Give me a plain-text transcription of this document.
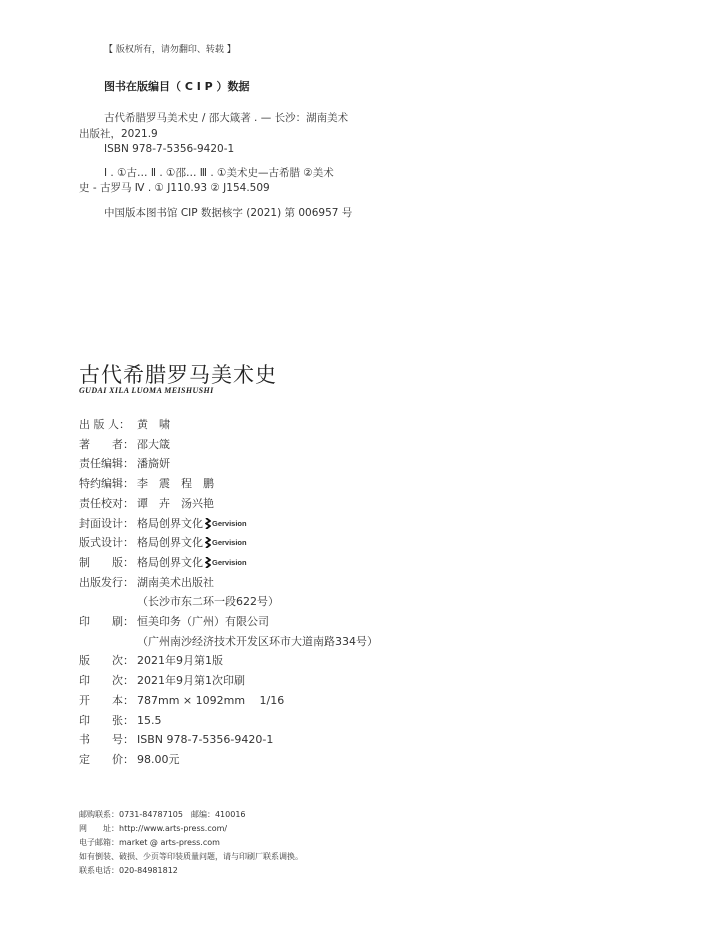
【 版权所有，请勿翻印、转载 】
图书在版编目（ C I P ）数据
古代希腊罗马美术史 / 邵大箴著 . — 长沙：湖南美术
出版社，2021.9
ISBN 978-7-5356-9420-1
Ⅰ . ①古… Ⅱ . ①邵… Ⅲ . ①美术史—古希腊 ②美术
史 - 古罗马 Ⅳ . ① J110.93 ② J154.509
中国版本图书馆 CIP 数据核字 (2021) 第 006957 号
古代希腊罗马美术史
GUDAI XILA LUOMA MEISHUSHI
出 版 人： 黄　啸
著　　者： 邵大箴
责任编辑： 潘旖妍
特约编辑： 李　震　程　鹏
责任校对： 谭　卉　汤兴艳
封面设计： 格局创界文化 Gervision
版式设计： 格局创界文化 Gervision
制　　版： 格局创界文化 Gervision
出版发行： 湖南美术出版社
（长沙市东二环一段622号）
印　　刷： 恒美印务（广州）有限公司
（广州南沙经济技术开发区环市大道南路334号）
版　　次： 2021年9月第1版
印　　次： 2021年9月第1次印刷
开　　本： 787mm × 1092mm　 1/16
印　　张： 15.5
书　　号： ISBN 978-7-5356-9420-1
定　　价： 98.00元
邮购联系：0731-84787105　邮编：410016
网　　址：http://www.arts-press.com/
电子邮箱：market @ arts-press.com
如有倒装、破损、少页等印装质量问题，请与印刷厂联系调换。
联系电话：020-84981812
